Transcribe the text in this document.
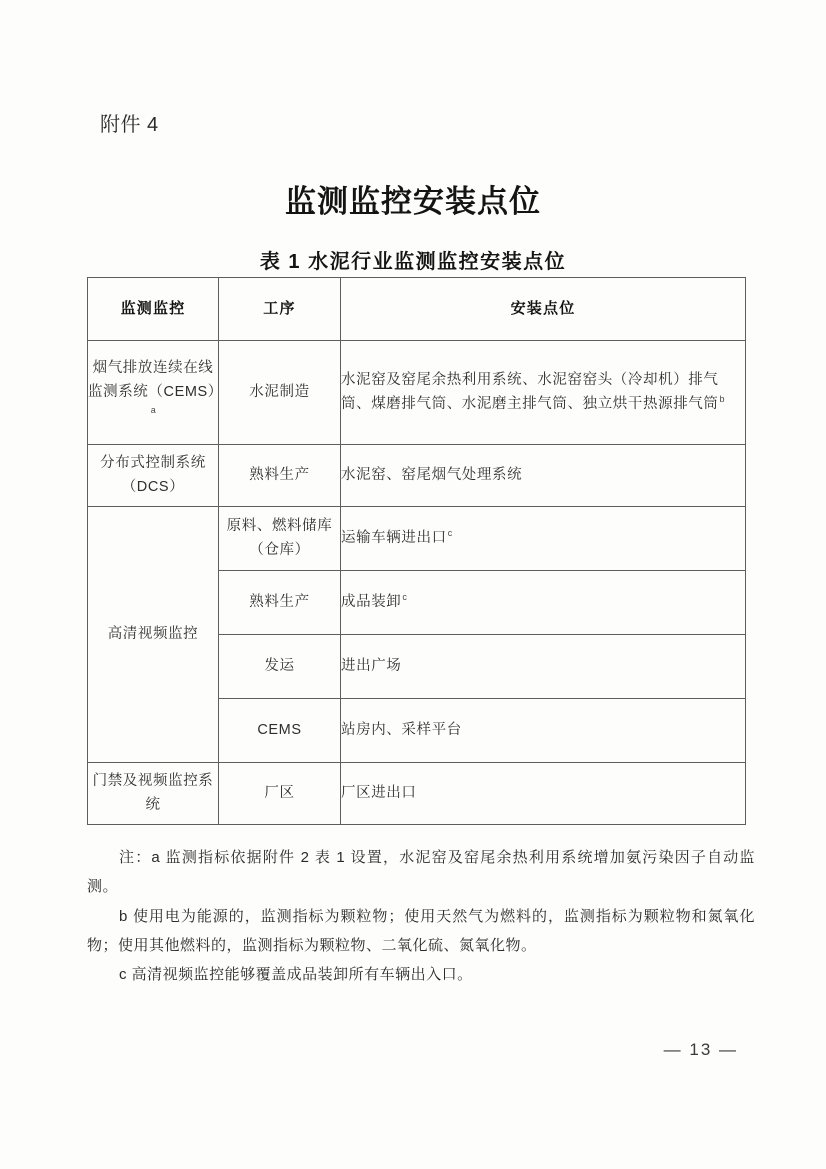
附件 4
监测监控安装点位
表 1 水泥行业监测监控安装点位
监测监控	工序	安装点位
烟气排放连续在线监测系统（CEMS）$^a$	水泥制造	水泥窑及窑尾余热利用系统、水泥窑窑头（冷却机）排气筒、煤磨排气筒、水泥磨主排气筒、独立烘干热源排气筒$^b$
分布式控制系统（DCS）	熟料生产	水泥窑、窑尾烟气处理系统
高清视频监控	原料、燃料储库（仓库）	运输车辆进出口$^c$
	熟料生产	成品装卸$^c$
	发运	进出广场
	CEMS	站房内、采样平台
门禁及视频监控系统	厂区	厂区进出口

注：a 监测指标依据附件 2 表 1 设置，水泥窑及窑尾余热利用系统增加氨污染因子自动监测。

b 使用电为能源的，监测指标为颗粒物；使用天然气为燃料的，监测指标为颗粒物和氮氧化物；使用其他燃料的，监测指标为颗粒物、二氧化硫、氮氧化物。

c 高清视频监控能够覆盖成品装卸所有车辆出入口。

— 13 —
